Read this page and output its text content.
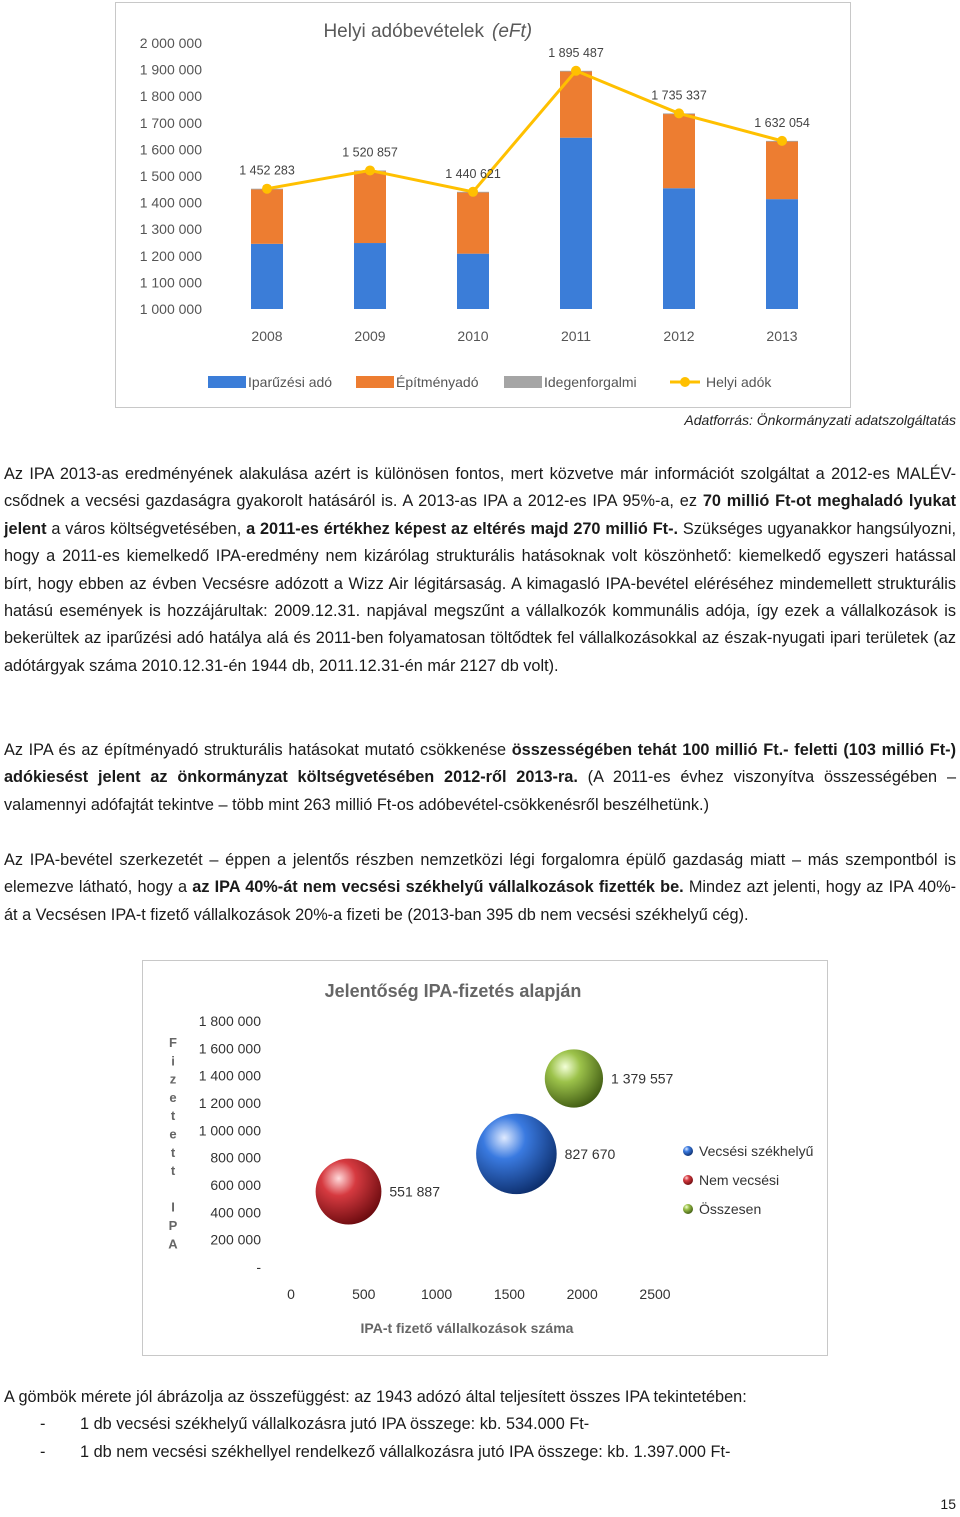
Helyi adóbevételek (eFt)
1 000 000
1 100 000
1 200 000
1 300 000
1 400 000
1 500 000
1 600 000
1 700 000
1 800 000
1 900 000
2 000 000
1 452 283
1 520 857
1 440 621
1 895 487
1 735 337
1 632 054
2008	2009	2010	2011	2012	2013
Iparűzési adó	Építményadó	Idegenforgalmi	Helyi adók
Adatforrás: Önkormányzati adatszolgáltatás
Az IPA 2013-as eredményének alakulása azért is különösen fontos, mert közvetve már információt szolgáltat a 2012-es MALÉV-csődnek a vecsési gazdaságra gyakorolt hatásáról is. A 2013-as IPA a 2012-es IPA 95%-a, ez 70 millió Ft-ot meghaladó lyukat jelent a város költségvetésében, a 2011-es értékhez képest az eltérés majd 270 millió Ft-. Szükséges ugyanakkor hangsúlyozni, hogy a 2011-es kiemelkedő IPA-eredmény nem kizárólag strukturális hatásoknak volt köszönhető: kiemelkedő egyszeri hatással bírt, hogy ebben az évben Vecsésre adózott a Wizz Air légitársaság. A kimagasló IPA-bevétel eléréséhez mindemellett strukturális hatású események is hozzájárultak: 2009.12.31. napjával megszűnt a vállalkozók kommunális adója, így ezek a vállalkozások is bekerültek az iparűzési adó hatálya alá és 2011-ben folyamatosan töltődtek fel vállalkozásokkal az észak-nyugati ipari területek (az adótárgyak száma 2010.12.31-én 1944 db, 2011.12.31-én már 2127 db volt).
Az IPA és az építményadó strukturális hatásokat mutató csökkenése összességében tehát 100 millió Ft.- feletti (103 millió Ft-) adókiesést jelent az önkormányzat költségvetésében 2012-ről 2013-ra. (A 2011-es évhez viszonyítva összességében – valamennyi adófajtát tekintve – több mint 263 millió Ft-os adóbevétel-csökkenésről beszélhetünk.)
Az IPA-bevétel szerkezetét – éppen a jelentős részben nemzetközi légi forgalomra épülő gazdaság miatt – más szempontból is elemezve látható, hogy a az IPA 40%-át nem vecsési székhelyű vállalkozások fizették be. Mindez azt jelenti, hogy az IPA 40%-át a Vecsésen IPA-t fizető vállalkozások 20%-a fizeti be (2013-ban 395 db nem vecsési székhelyű cég).
Jelentőség IPA-fizetés alapján
F
i
z
e
t
e
t
t
I
P
A
-
200 000
400 000
600 000
800 000
1 000 000
1 200 000
1 400 000
1 600 000
1 800 000
0	500	1000	1500	2000	2500
551 887
827 670
1 379 557
Vecsési székhelyű
Nem vecsési
Összesen
IPA-t fizető vállalkozások száma
A gömbök mérete jól ábrázolja az összefüggést: az 1943 adózó által teljesített összes IPA tekintetében:
- 1 db vecsési székhelyű vállalkozásra jutó IPA összege: kb. 534.000 Ft-
- 1 db nem vecsési székhellyel rendelkező vállalkozásra jutó IPA összege: kb. 1.397.000 Ft-
15
